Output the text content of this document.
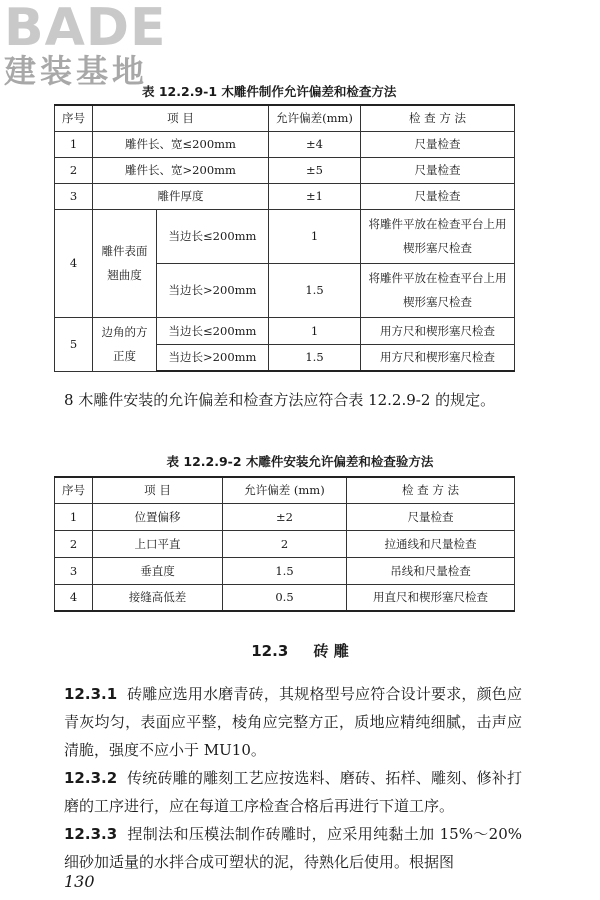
BADE
建装基地
表 12.2.9-1 木雕件制作允许偏差和检查方法
序号	项 目		允许偏差(mm)	检 查 方 法
1	雕件长、宽≤200mm		±4	尺量检查
2	雕件长、宽>200mm		±5	尺量检查
3	雕件厚度		±1	尺量检查
4	雕件表面翘曲度	当边长≤200mm	1	将雕件平放在检查平台上用楔形塞尺检查
		当边长>200mm	1.5	将雕件平放在检查平台上用楔形塞尺检查
5	边角的方正度	当边长≤200mm	1	用方尺和楔形塞尺检查
		当边长>200mm	1.5	用方尺和楔形塞尺检查
8 木雕件安装的允许偏差和检查方法应符合表 12.2.9-2 的规定。
表 12.2.9-2 木雕件安装允许偏差和检查验方法
序号	项 目	允许偏差 (mm)	检 查 方 法
1	位置偏移	±2	尺量检查
2	上口平直	2	拉通线和尺量检查
3	垂直度	1.5	吊线和尺量检查
4	接缝高低差	0.5	用直尺和楔形塞尺检查
12.3 砖 雕
12.3.1 砖雕应选用水磨青砖，其规格型号应符合设计要求，颜色应青灰均匀，表面应平整，棱角应完整方正，质地应精纯细腻，击声应清脆，强度不应小于 MU10。
12.3.2 传统砖雕的雕刻工艺应按选料、磨砖、拓样、雕刻、修补打磨的工序进行，应在每道工序检查合格后再进行下道工序。
12.3.3 捏制法和压模法制作砖雕时，应采用纯黏土加 15%～20%细砂加适量的水拌合成可塑状的泥，待熟化后使用。根据图
130
